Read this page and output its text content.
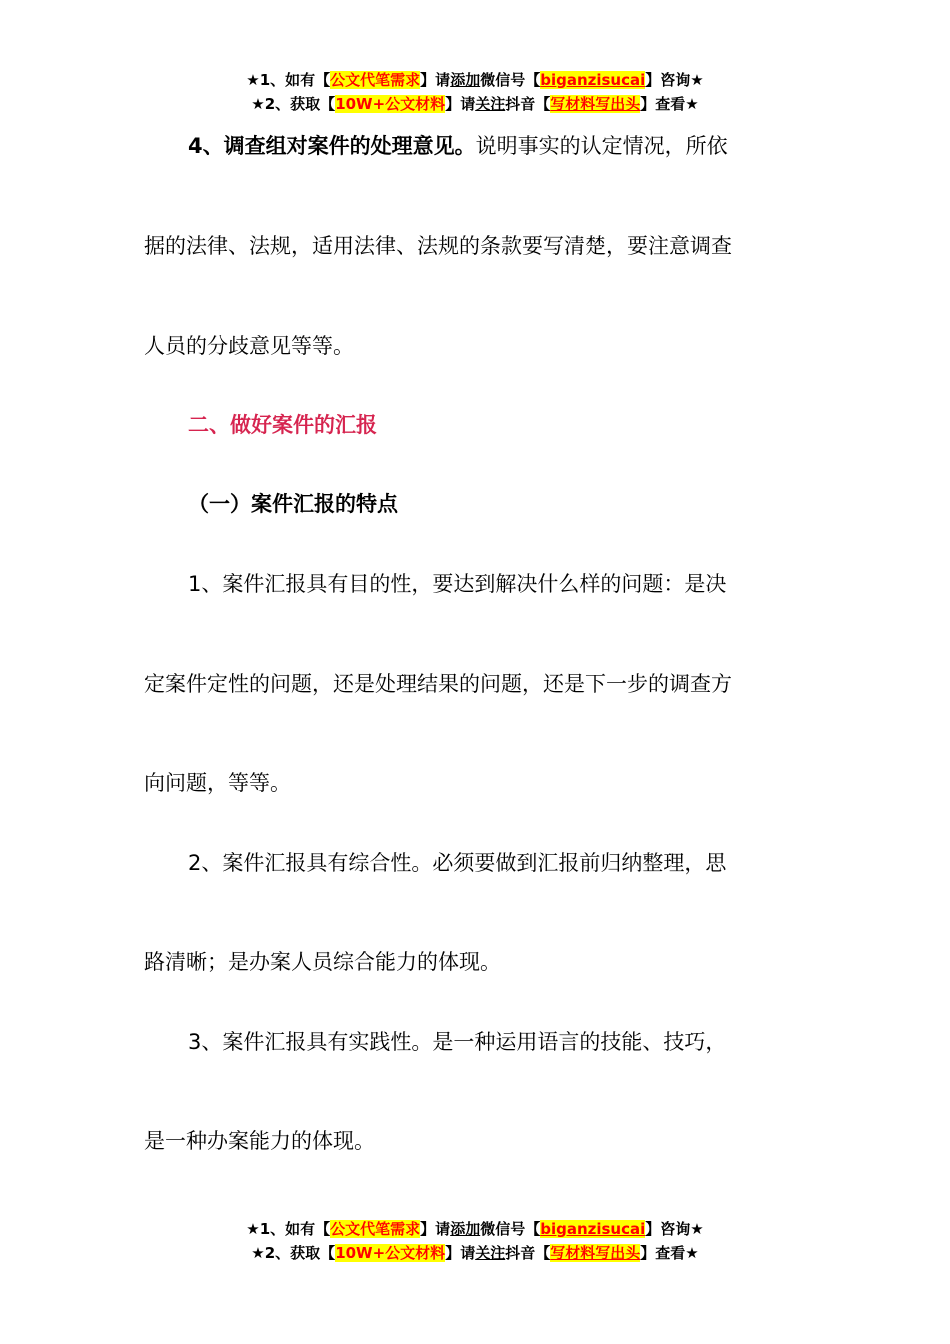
★1、如有【公文代笔需求】请添加微信号【biganzisucai】咨询★
★2、获取【10W+公文材料】请关注抖音【写材料写出头】查看★
4、调查组对案件的处理意见。说明事实的认定情况，所依
据的法律、法规，适用法律、法规的条款要写清楚，要注意调查
人员的分歧意见等等。
二、做好案件的汇报
（一）案件汇报的特点
1、案件汇报具有目的性，要达到解决什么样的问题：是决
定案件定性的问题，还是处理结果的问题，还是下一步的调查方
向问题，等等。
2、案件汇报具有综合性。必须要做到汇报前归纳整理，思
路清晰；是办案人员综合能力的体现。
3、案件汇报具有实践性。是一种运用语言的技能、技巧，
是一种办案能力的体现。
★1、如有【公文代笔需求】请添加微信号【biganzisucai】咨询★
★2、获取【10W+公文材料】请关注抖音【写材料写出头】查看★
